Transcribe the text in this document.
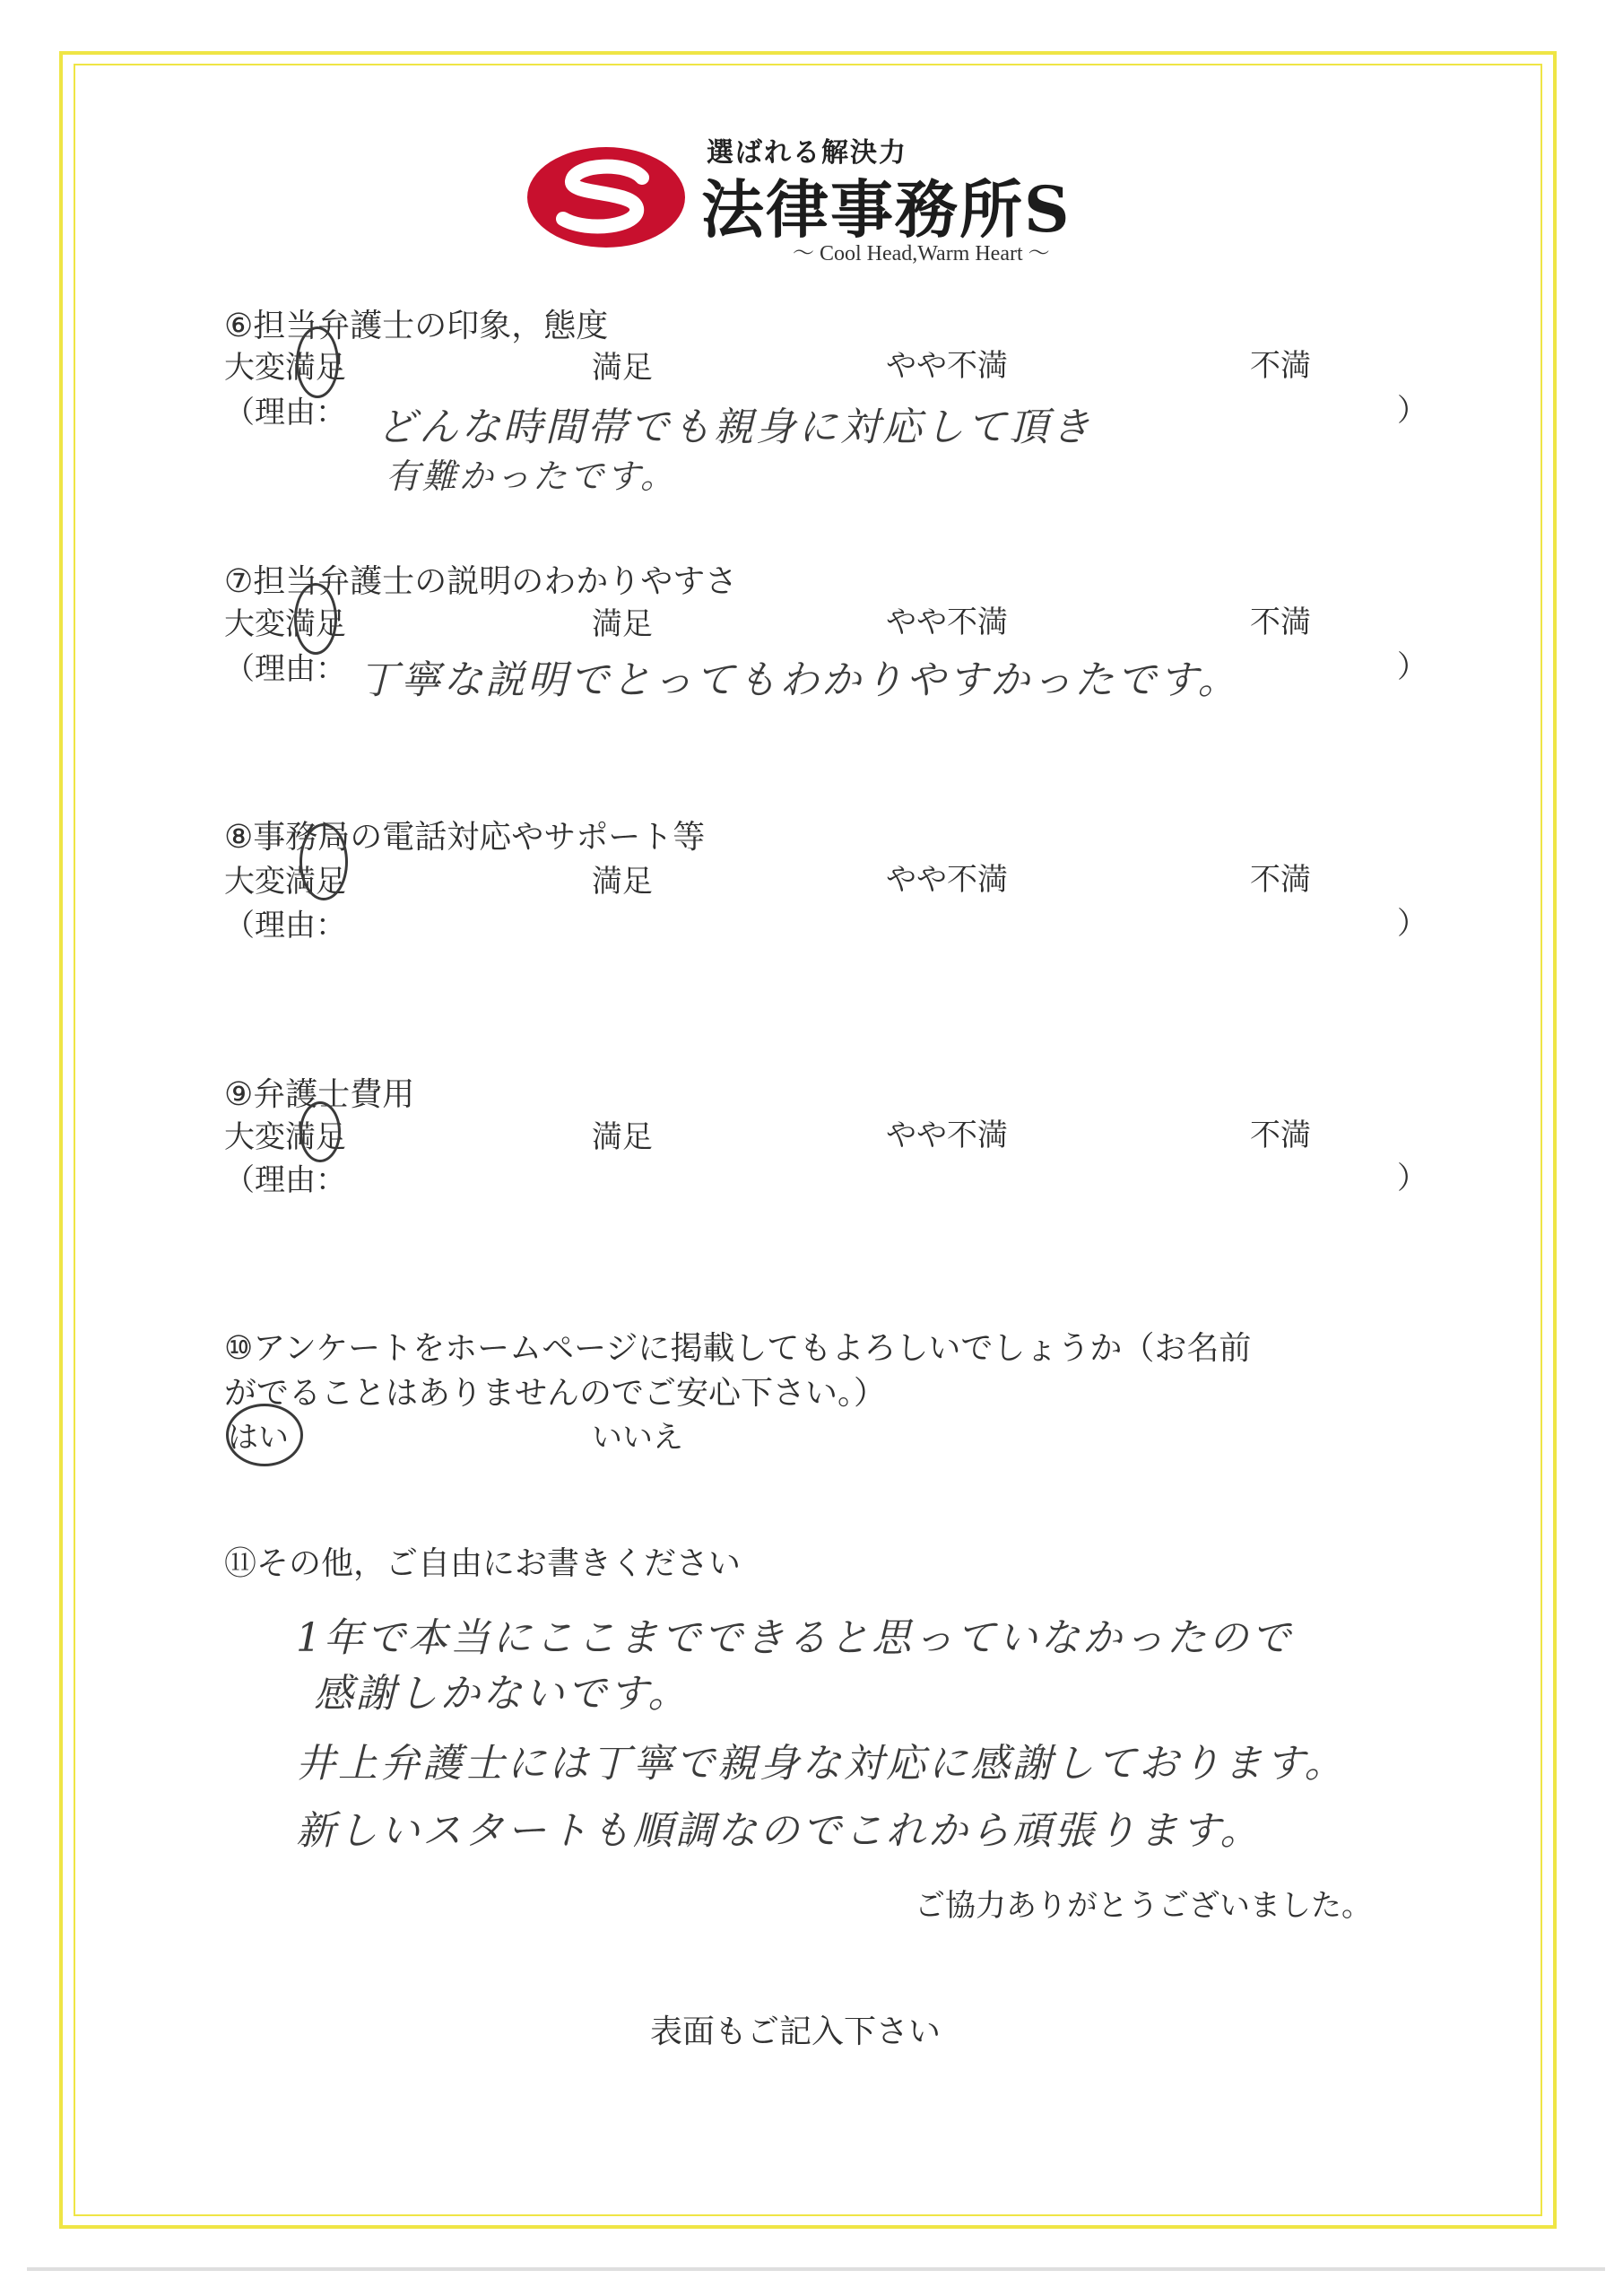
選ばれる解決力
法律事務所S
～ Cool Head,Warm Heart ～
⑥担当弁護士の印象，態度
大変満足	満足	やや不満	不満
（理由：	）
どんな時間帯でも親身に対応して頂き
有難かったです。
⑦担当弁護士の説明のわかりやすさ
大変満足	満足	やや不満	不満
（理由：	）
丁寧な説明でとってもわかりやすかったです。
⑧事務局の電話対応やサポート等
大変満足	満足	やや不満	不満
（理由：	）
⑨弁護士費用
大変満足	満足	やや不満	不満
（理由：	）
⑩アンケートをホームページに掲載してもよろしいでしょうか（お名前
がでることはありませんのでご安心下さい。）
はい	いいえ
⑪その他，ご自由にお書きください
1年で本当にここまでできると思っていなかったので
感謝しかないです。
井上弁護士には丁寧で親身な対応に感謝しております。
新しいスタートも順調なのでこれから頑張ります。
ご協力ありがとうございました。
表面もご記入下さい
